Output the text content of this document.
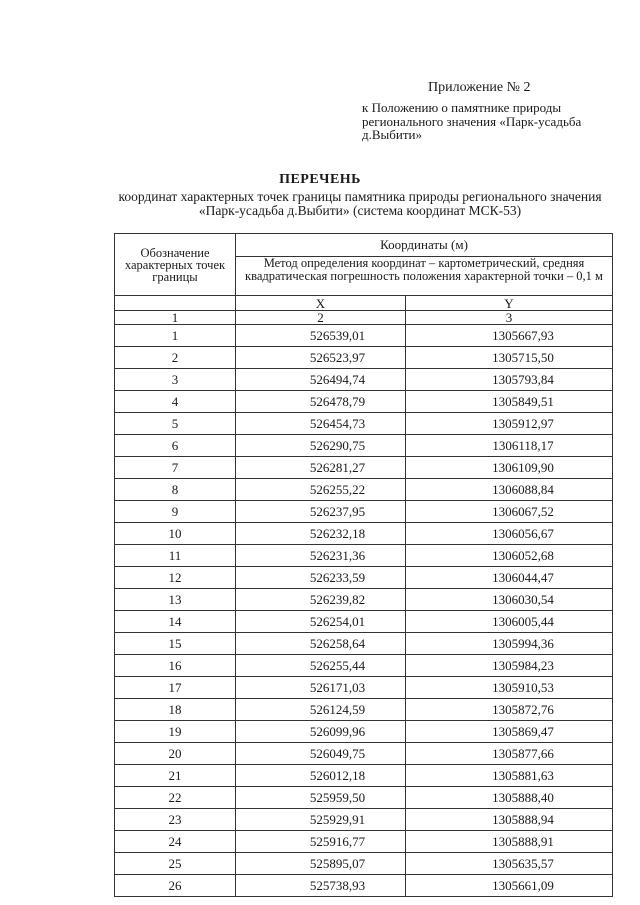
Приложение № 2
к Положению о памятнике природы регионального значения «Парк-усадьба д.Выбити»
ПЕРЕЧЕНЬ
координат характерных точек границы памятника природы регионального значения «Парк-усадьба д.Выбити» (система координат МСК-53)
Обозначение характерных точек границы	Координаты (м)	
	Метод определения координат – картометрический, средняя квадратическая погрешность положения характерной точки – 0,1 м	
	X	Y
1	2	3
1	526539,01	1305667,93
2	526523,97	1305715,50
3	526494,74	1305793,84
4	526478,79	1305849,51
5	526454,73	1305912,97
6	526290,75	1306118,17
7	526281,27	1306109,90
8	526255,22	1306088,84
9	526237,95	1306067,52
10	526232,18	1306056,67
11	526231,36	1306052,68
12	526233,59	1306044,47
13	526239,82	1306030,54
14	526254,01	1306005,44
15	526258,64	1305994,36
16	526255,44	1305984,23
17	526171,03	1305910,53
18	526124,59	1305872,76
19	526099,96	1305869,47
20	526049,75	1305877,66
21	526012,18	1305881,63
22	525959,50	1305888,40
23	525929,91	1305888,94
24	525916,77	1305888,91
25	525895,07	1305635,57
26	525738,93	1305661,09
